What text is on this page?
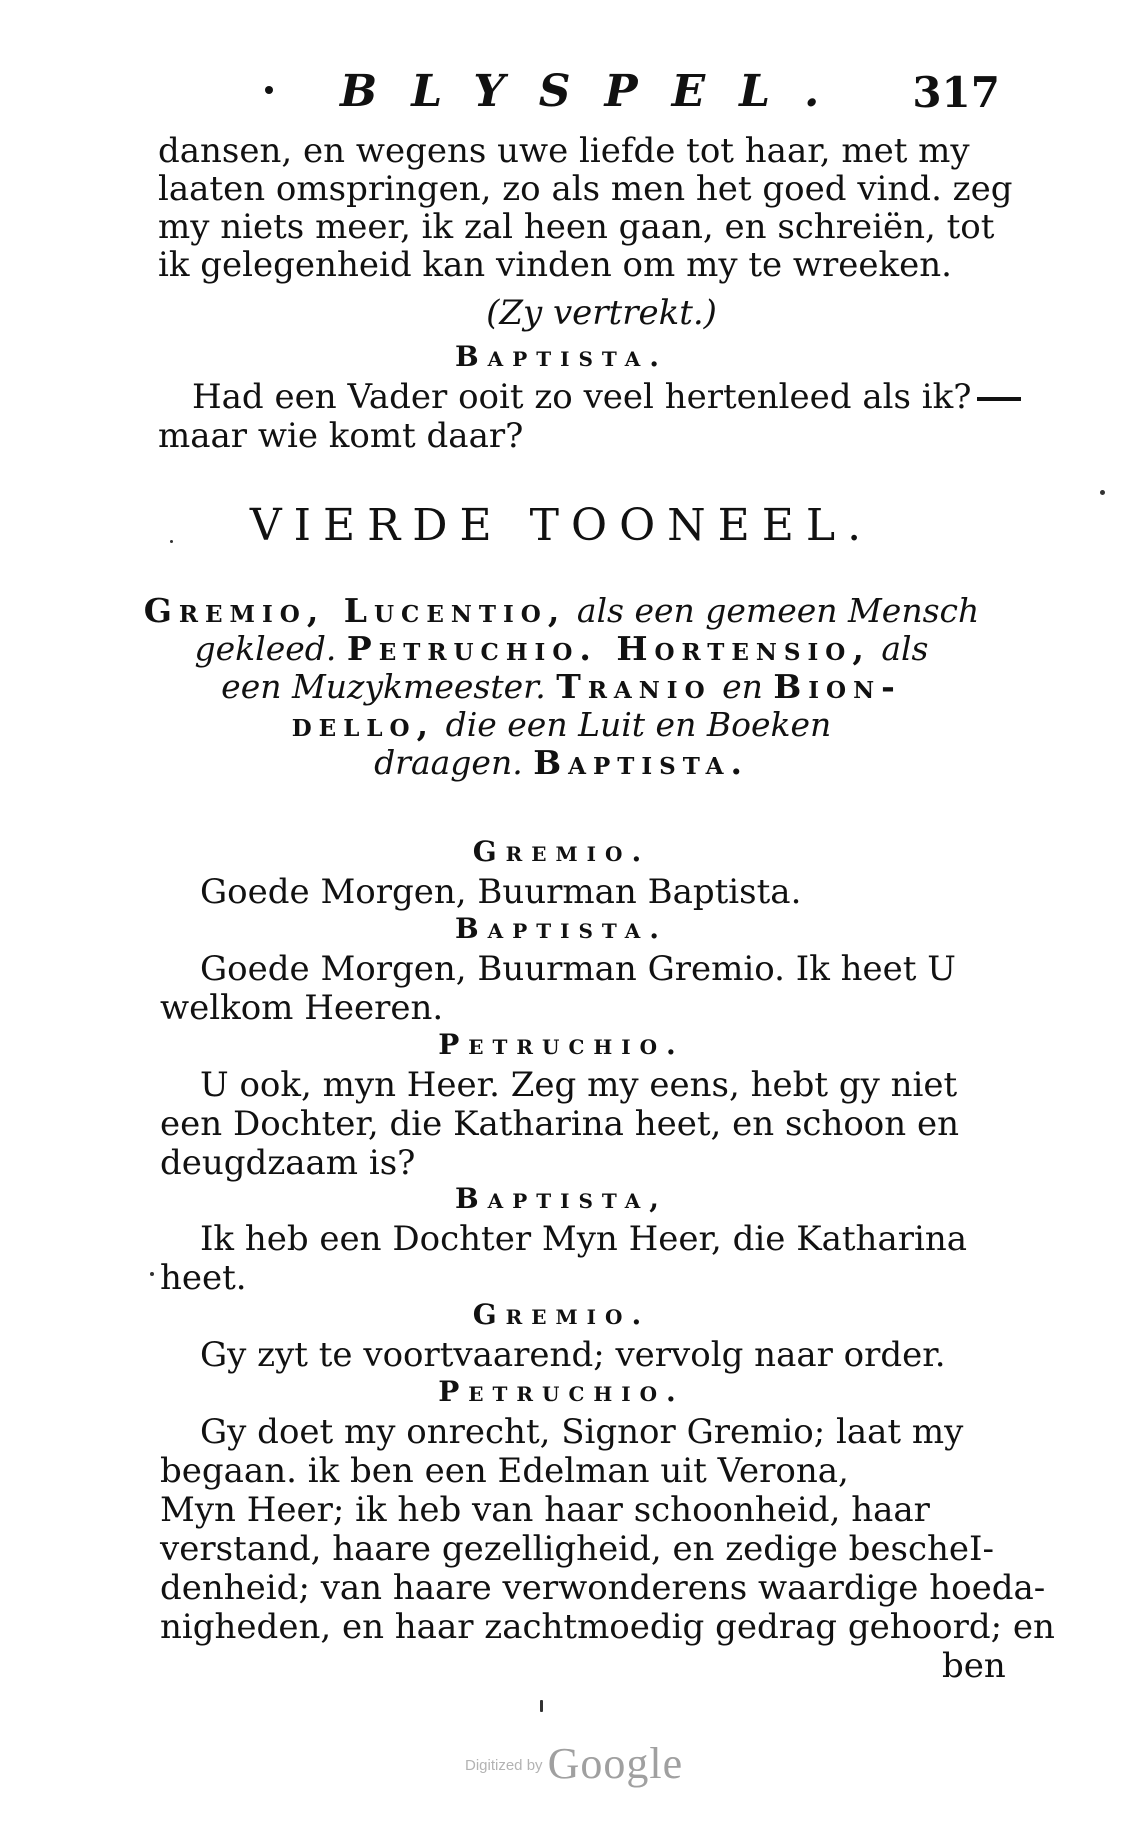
BLYSPEL. 317
dansen, en wegens uwe liefde tot haar, met my
laaten omspringen, zo als men het goed vind. zeg
my niets meer, ik zal heen gaan, en schreiën, tot
ik gelegenheid kan vinden om my te wreeken.
(Zy vertrekt.)
Baptista.
Had een Vader ooit zo veel hertenleed als ik?
maar wie komt daar?
VIERDE TOONEEL.
Gremio, Lucentio, als een gemeen Mensch
gekleed. Petruchio. Hortensio, als
een Muzykmeester. Tranio en Bion-
dello, die een Luit en Boeken
draagen. Baptista.
Gremio.
Goede Morgen, Buurman Baptista.
Baptista.
Goede Morgen, Buurman Gremio. Ik heet U
welkom Heeren.
Petruchio.
U ook, myn Heer. Zeg my eens, hebt gy niet
een Dochter, die Katharina heet, en schoon en
deugdzaam is?
Baptista,
Ik heb een Dochter Myn Heer, die Katharina
heet.
Gremio.
Gy zyt te voortvaarend; vervolg naar order.
Petruchio.
Gy doet my onrecht, Signor Gremio; laat my
begaan. ik ben een Edelman uit Verona,
Myn Heer; ik heb van haar schoonheid, haar
verstand, haare gezelligheid, en zedige bescheI-
denheid; van haare verwonderens waardige hoeda-
nigheden, en haar zachtmoedig gedrag gehoord; en
ben
Digitized by Google
